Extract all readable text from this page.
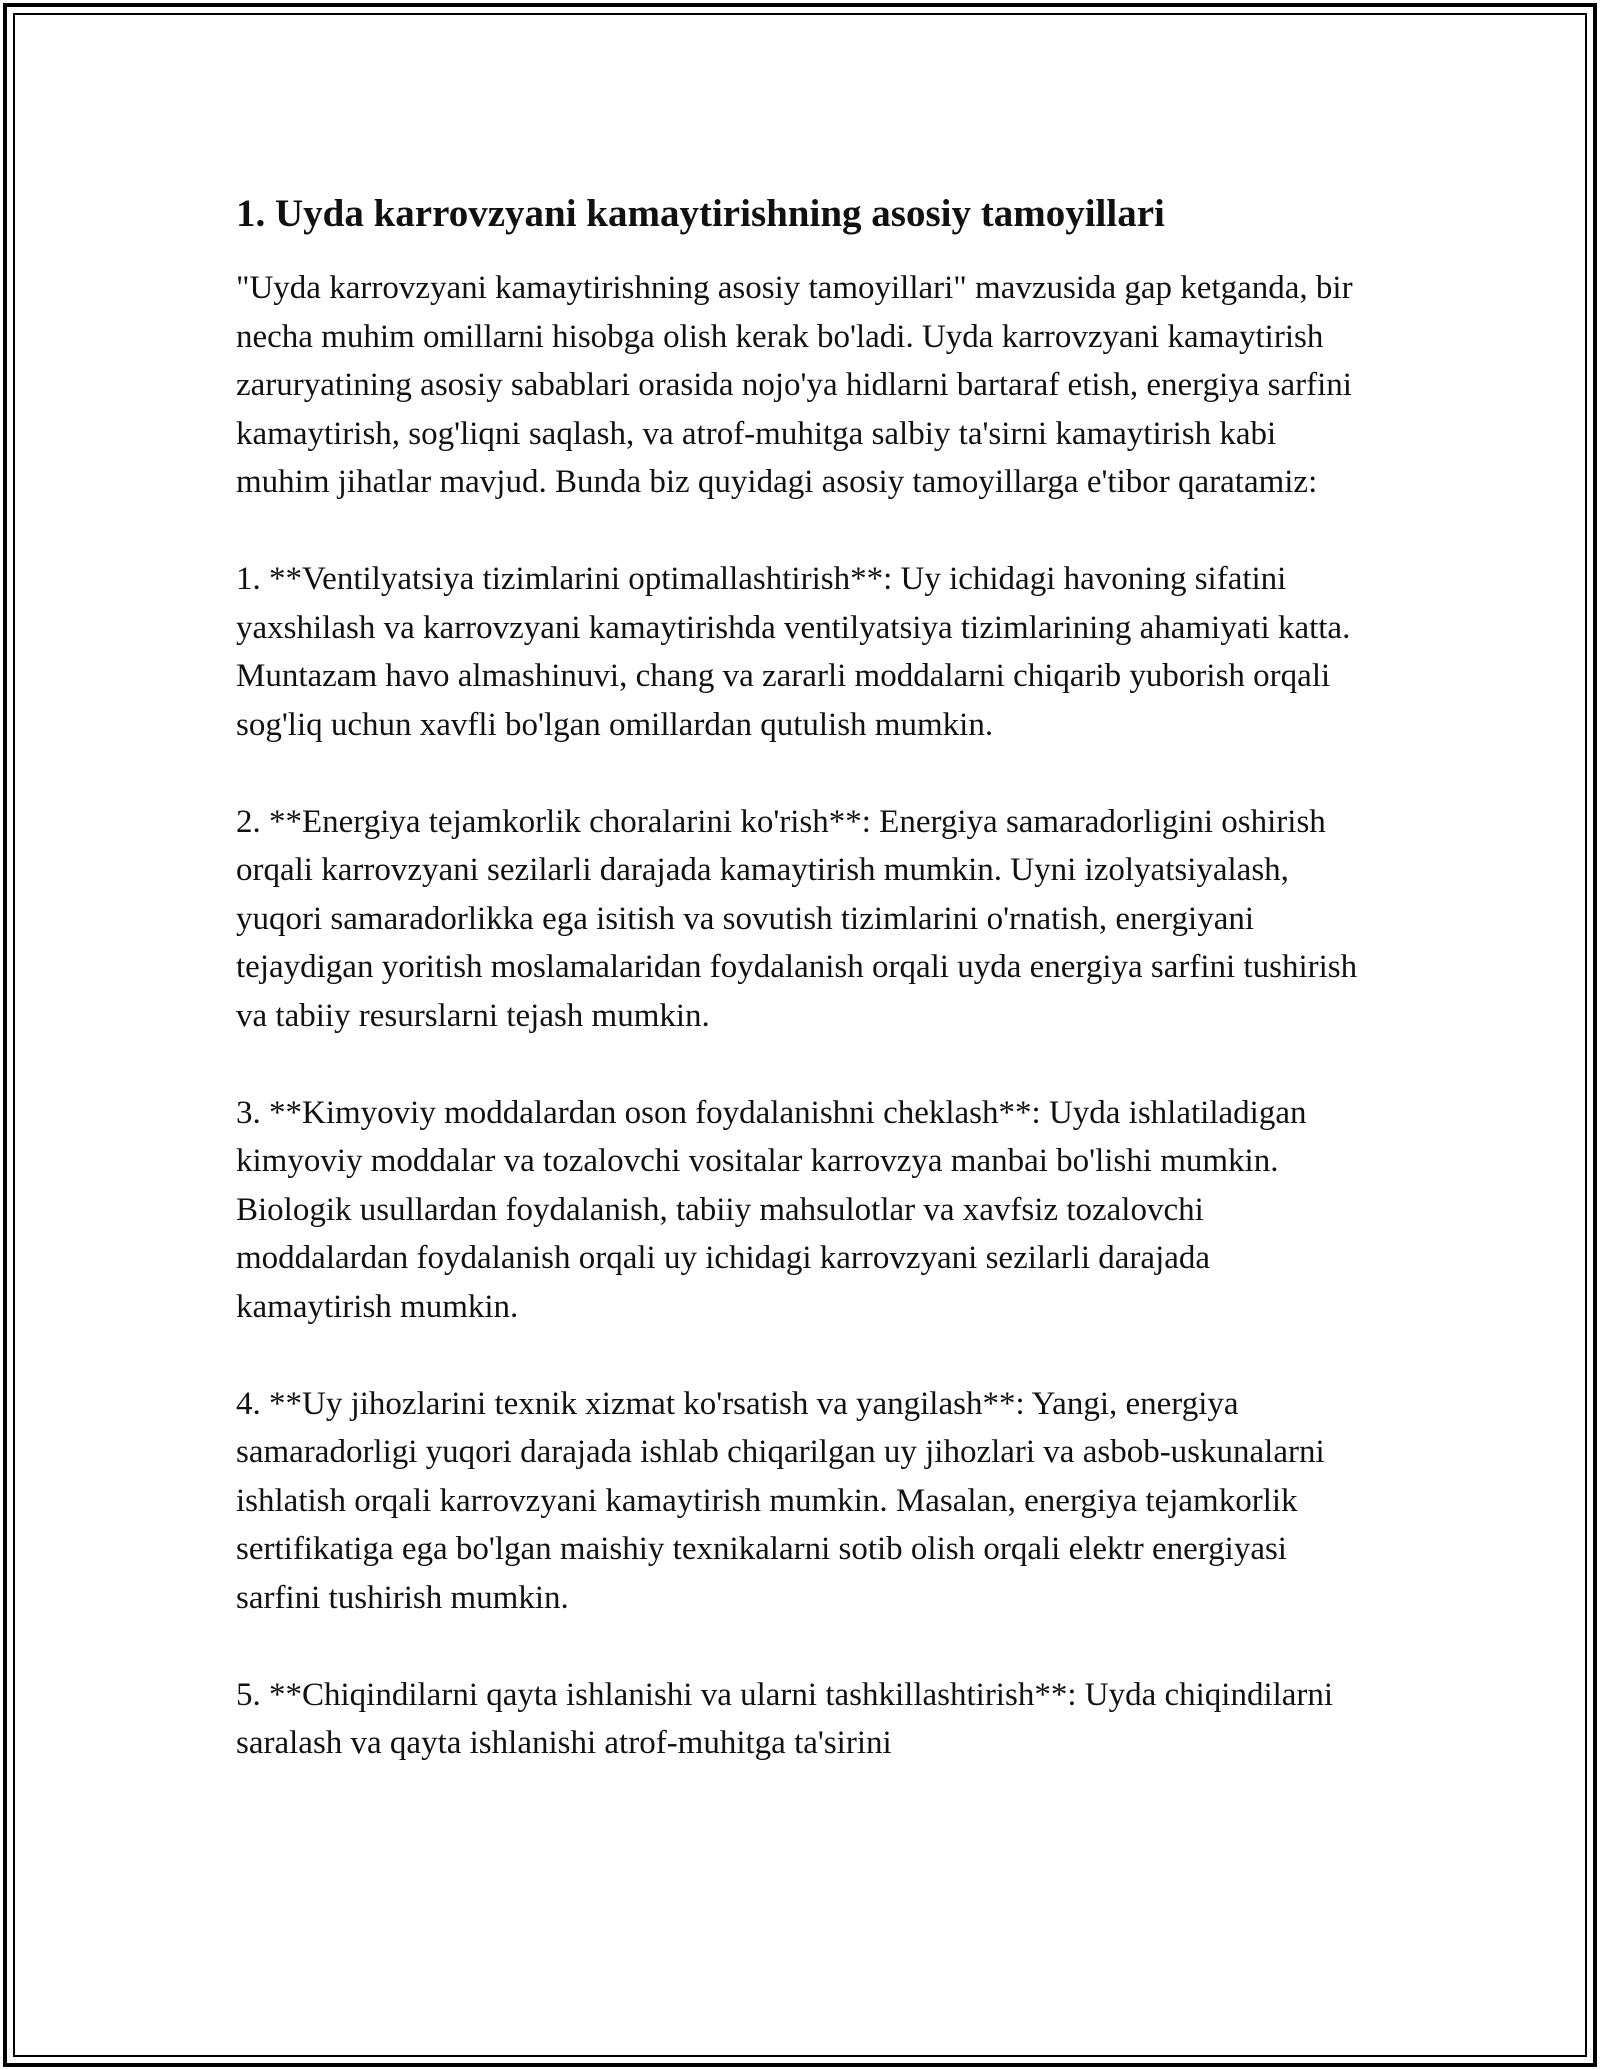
1. Uyda karrovzyani kamaytirishning asosiy tamoyillari

"Uyda karrovzyani kamaytirishning asosiy tamoyillari" mavzusida gap ketganda, bir necha muhim omillarni hisobga olish kerak bo'ladi. Uyda karrovzyani kamaytirish zaruryatining asosiy sabablari orasida nojo'ya hidlarni bartaraf etish, energiya sarfini kamaytirish, sog'liqni saqlash, va atrof-muhitga salbiy ta'sirni kamaytirish kabi muhim jihatlar mavjud. Bunda biz quyidagi asosiy tamoyillarga e'tibor qaratamiz:

1. **Ventilyatsiya tizimlarini optimallashtirish**: Uy ichidagi havoning sifatini yaxshilash va karrovzyani kamaytirishda ventilyatsiya tizimlarining ahamiyati katta. Muntazam havo almashinuvi, chang va zararli moddalarni chiqarib yuborish orqali sog'liq uchun xavfli bo'lgan omillardan qutulish mumkin.

2. **Energiya tejamkorlik choralarini ko'rish**: Energiya samaradorligini oshirish orqali karrovzyani sezilarli darajada kamaytirish mumkin. Uyni izolyatsiyalash, yuqori samaradorlikka ega isitish va sovutish tizimlarini o'rnatish, energiyani tejaydigan yoritish moslamalaridan foydalanish orqali uyda energiya sarfini tushirish va tabiiy resurslarni tejash mumkin.

3. **Kimyoviy moddalardan oson foydalanishni cheklash**: Uyda ishlatiladigan kimyoviy moddalar va tozalovchi vositalar karrovzya manbai bo'lishi mumkin. Biologik usullardan foydalanish, tabiiy mahsulotlar va xavfsiz tozalovchi moddalardan foydalanish orqali uy ichidagi karrovzyani sezilarli darajada kamaytirish mumkin.

4. **Uy jihozlarini texnik xizmat ko'rsatish va yangilash**: Yangi, energiya samaradorligi yuqori darajada ishlab chiqarilgan uy jihozlari va asbob-uskunalarni ishlatish orqali karrovzyani kamaytirish mumkin. Masalan, energiya tejamkorlik sertifikatiga ega bo'lgan maishiy texnikalarni sotib olish orqali elektr energiyasi sarfini tushirish mumkin.

5. **Chiqindilarni qayta ishlanishi va ularni tashkillashtirish**: Uyda chiqindilarni saralash va qayta ishlanishi atrof-muhitga ta'sirini
